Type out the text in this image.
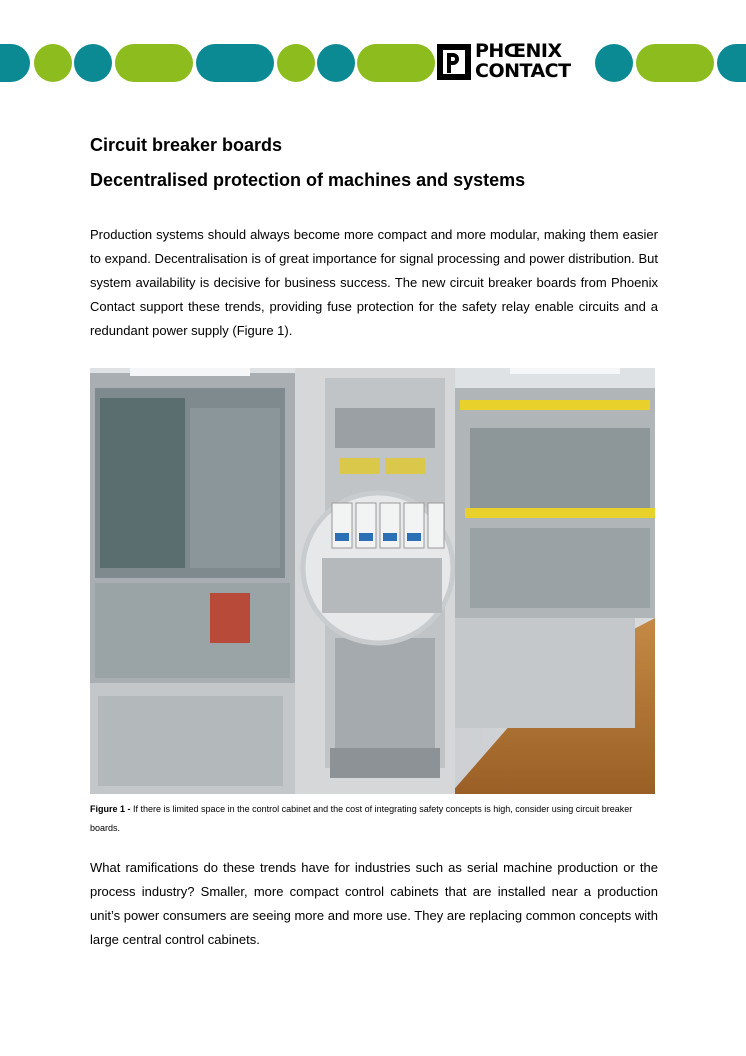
PHŒNIX
CONTACT
Circuit breaker boards
Decentralised protection of machines and systems

Production systems should always become more compact and more modular, making them easier to expand. Decentralisation is of great importance for signal processing and power distribution. But system availability is decisive for business success. The new circuit breaker boards from Phoenix Contact support these trends, providing fuse protection for the safety relay enable circuits and a redundant power supply (Figure 1).

Figure 1 - If there is limited space in the control cabinet and the cost of integrating safety concepts is high, consider using circuit breaker boards.

What ramifications do these trends have for industries such as serial machine production or the process industry? Smaller, more compact control cabinets that are installed near a production unit’s power consumers are seeing more and more use. They are replacing common concepts with large central control cabinets.
